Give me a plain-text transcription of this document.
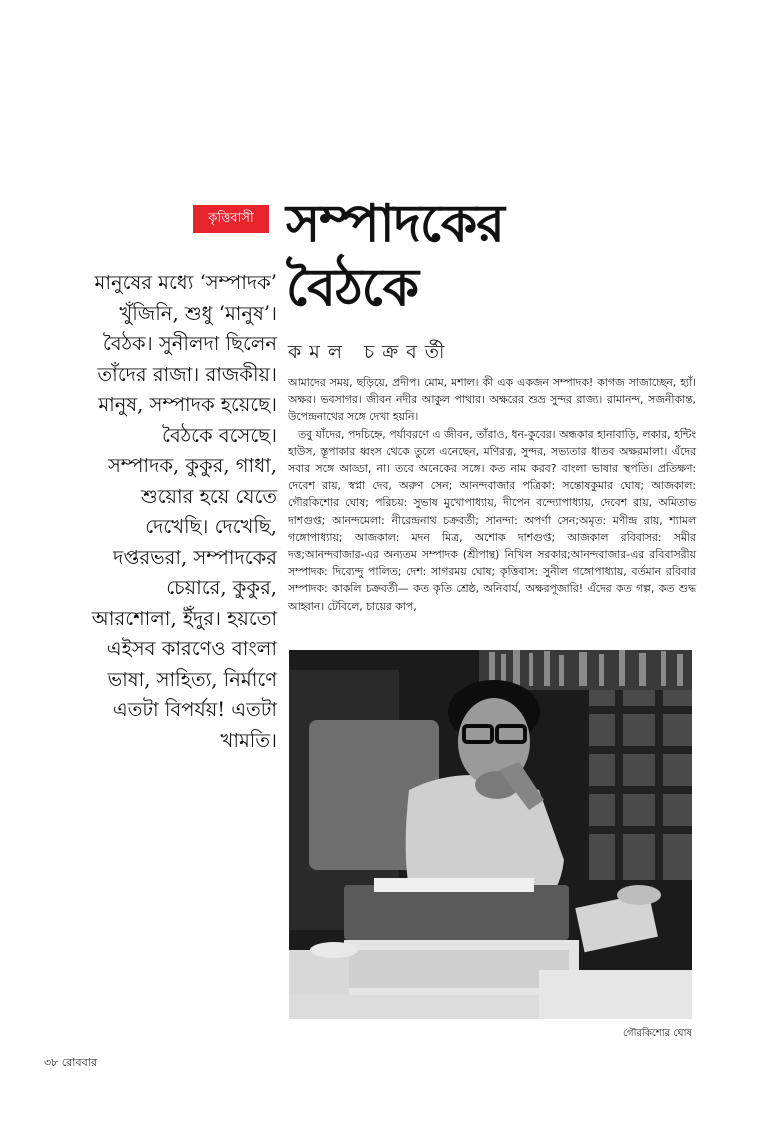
কৃত্তিবাসী সম্পাদকের
বৈঠকে
কমল চক্রবর্তী
মানুষের মধ্যে ‘সম্পাদক’ খুঁজিনি, শুধু ‘মানুষ’। বৈঠক। সুনীলদা ছিলেন তাঁদের রাজা। রাজকীয়। মানুষ, সম্পাদক হয়েছে। বৈঠকে বসেছে। সম্পাদক, কুকুর, গাধা, শুয়োর হয়ে যেতে দেখেছি। দেখেছি, দপ্তরভরা, সম্পাদকের চেয়ারে, কুকুর, আরশোলা, ইঁদুর। হয়তো এইসব কারণেও বাংলা ভাষা, সাহিত্য, নির্মাণে এতটা বিপর্যয়! এতটা খামতি।

আমাদের সময়, ছড়িয়ে, প্রদীপ। মোম, মশাল। কী এক একজন সম্পাদক! কাগজ সাজাচ্ছেন, হ্যাঁ। অক্ষর। ভবসাগর। জীবন নদীর আকুল পাথার। অক্ষরের শুভ্র সুন্দর রাজ্য। রামানন্দ, সজনীকান্ত, উপেন্দ্রনাথের সঙ্গে দেখা হয়নি।

তবু যাঁদের, পদচিহ্নে, পর্যাবরণে এ জীবন, তাঁরাও, ধন-কুবের। অন্ধকার হানাবাড়ি, লকার, হন্টিং হাউস, স্তূপাকার ধ্বংস থেকে তুলে এনেছেন, মণিরত্ন, সুন্দর, সভ্যতার ধাতব অক্ষরমালা। এঁদের সবার সঙ্গে আড্ডা, না। তবে অনেকের সঙ্গে। কত নাম করব? বাংলা ভাষার স্থপতি। প্রতিক্ষণ: দেবেশ রায়, স্বপ্না দেব, অরুণ সেন; আনন্দবাজার পত্রিকা: সন্তোষকুমার ঘোষ; আজকাল: গৌরকিশোর ঘোষ; পরিচয়: সুভাষ মুখোপাধ্যায়, দীপেন বন্দ্যোপাধ্যায়, দেবেশ রায়, অমিতাভ দাশগুপ্ত; আনন্দমেলা: নীরেন্দ্রনাথ চক্রবর্তী; সানন্দা: অপর্ণা সেন;অমৃত: মণীন্দ্র রায়, শ্যামল গঙ্গোপাধ্যায়; আজকাল: মদন মিত্র, অশোক দাশগুপ্ত; আজকাল রবিবাসর: সমীর দত্ত;আনন্দবাজার-এর অন্যতম সম্পাদক (শ্রীপান্থ) নিখিল সরকার;আনন্দবাজার-এর রবিবাসরীয় সম্পাদক: দিব্যেন্দু পালিত; দেশ: সাগরময় ঘোষ; কৃত্তিবাস: সুনীল গঙ্গোপাধ্যায়, বর্তমান রবিবার সম্পাদক: কাকলি চক্রবর্তী— কত কৃতি শ্রেষ্ঠ, অনিবার্য, অক্ষরপূজারি! এঁদের কত গল্প, কত শুদ্ধ আহ্বান। টেবিলে, চায়ের কাপ,

গৌরকিশোর ঘোষ
৩৮ রোববার
